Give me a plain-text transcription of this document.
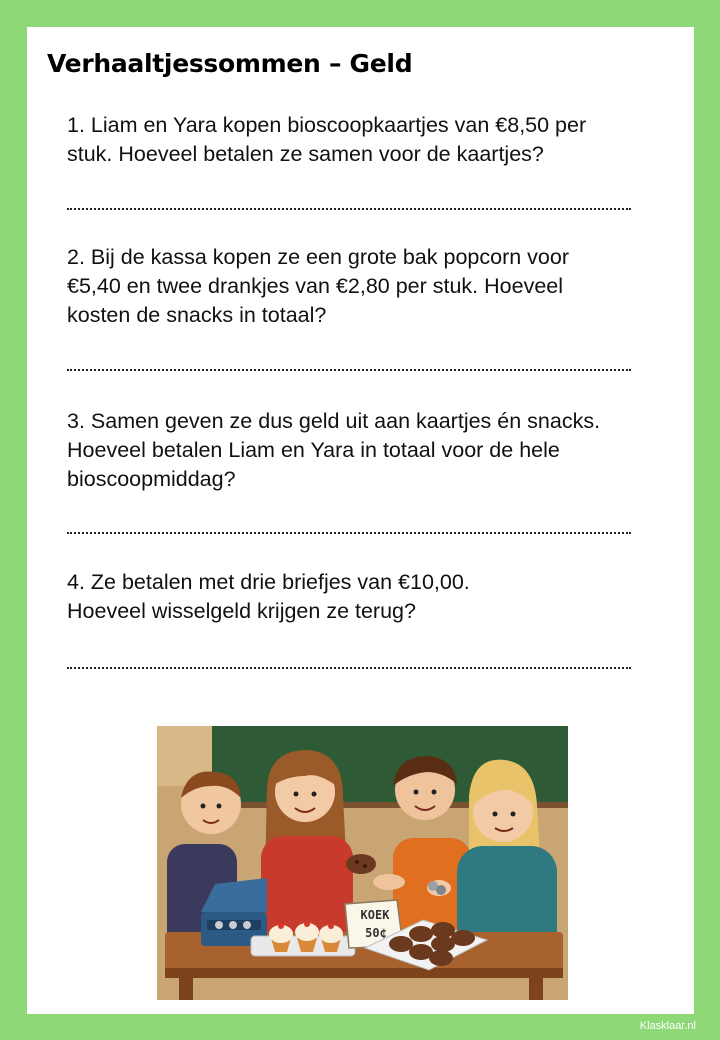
Verhaaltjessommen – Geld
1. Liam en Yara kopen bioscoopkaartjes van €8,50 per
stuk. Hoeveel betalen ze samen voor de kaartjes?
2. Bij de kassa kopen ze een grote bak popcorn voor
€5,40 en twee drankjes van €2,80 per stuk. Hoeveel
kosten de snacks in totaal?
3. Samen geven ze dus geld uit aan kaartjes én snacks.
Hoeveel betalen Liam en Yara in totaal voor de hele
bioscoopmiddag?
4. Ze betalen met drie briefjes van €10,00.
Hoeveel wisselgeld krijgen ze terug?
KOEK
50¢
Klasklaar.nl
